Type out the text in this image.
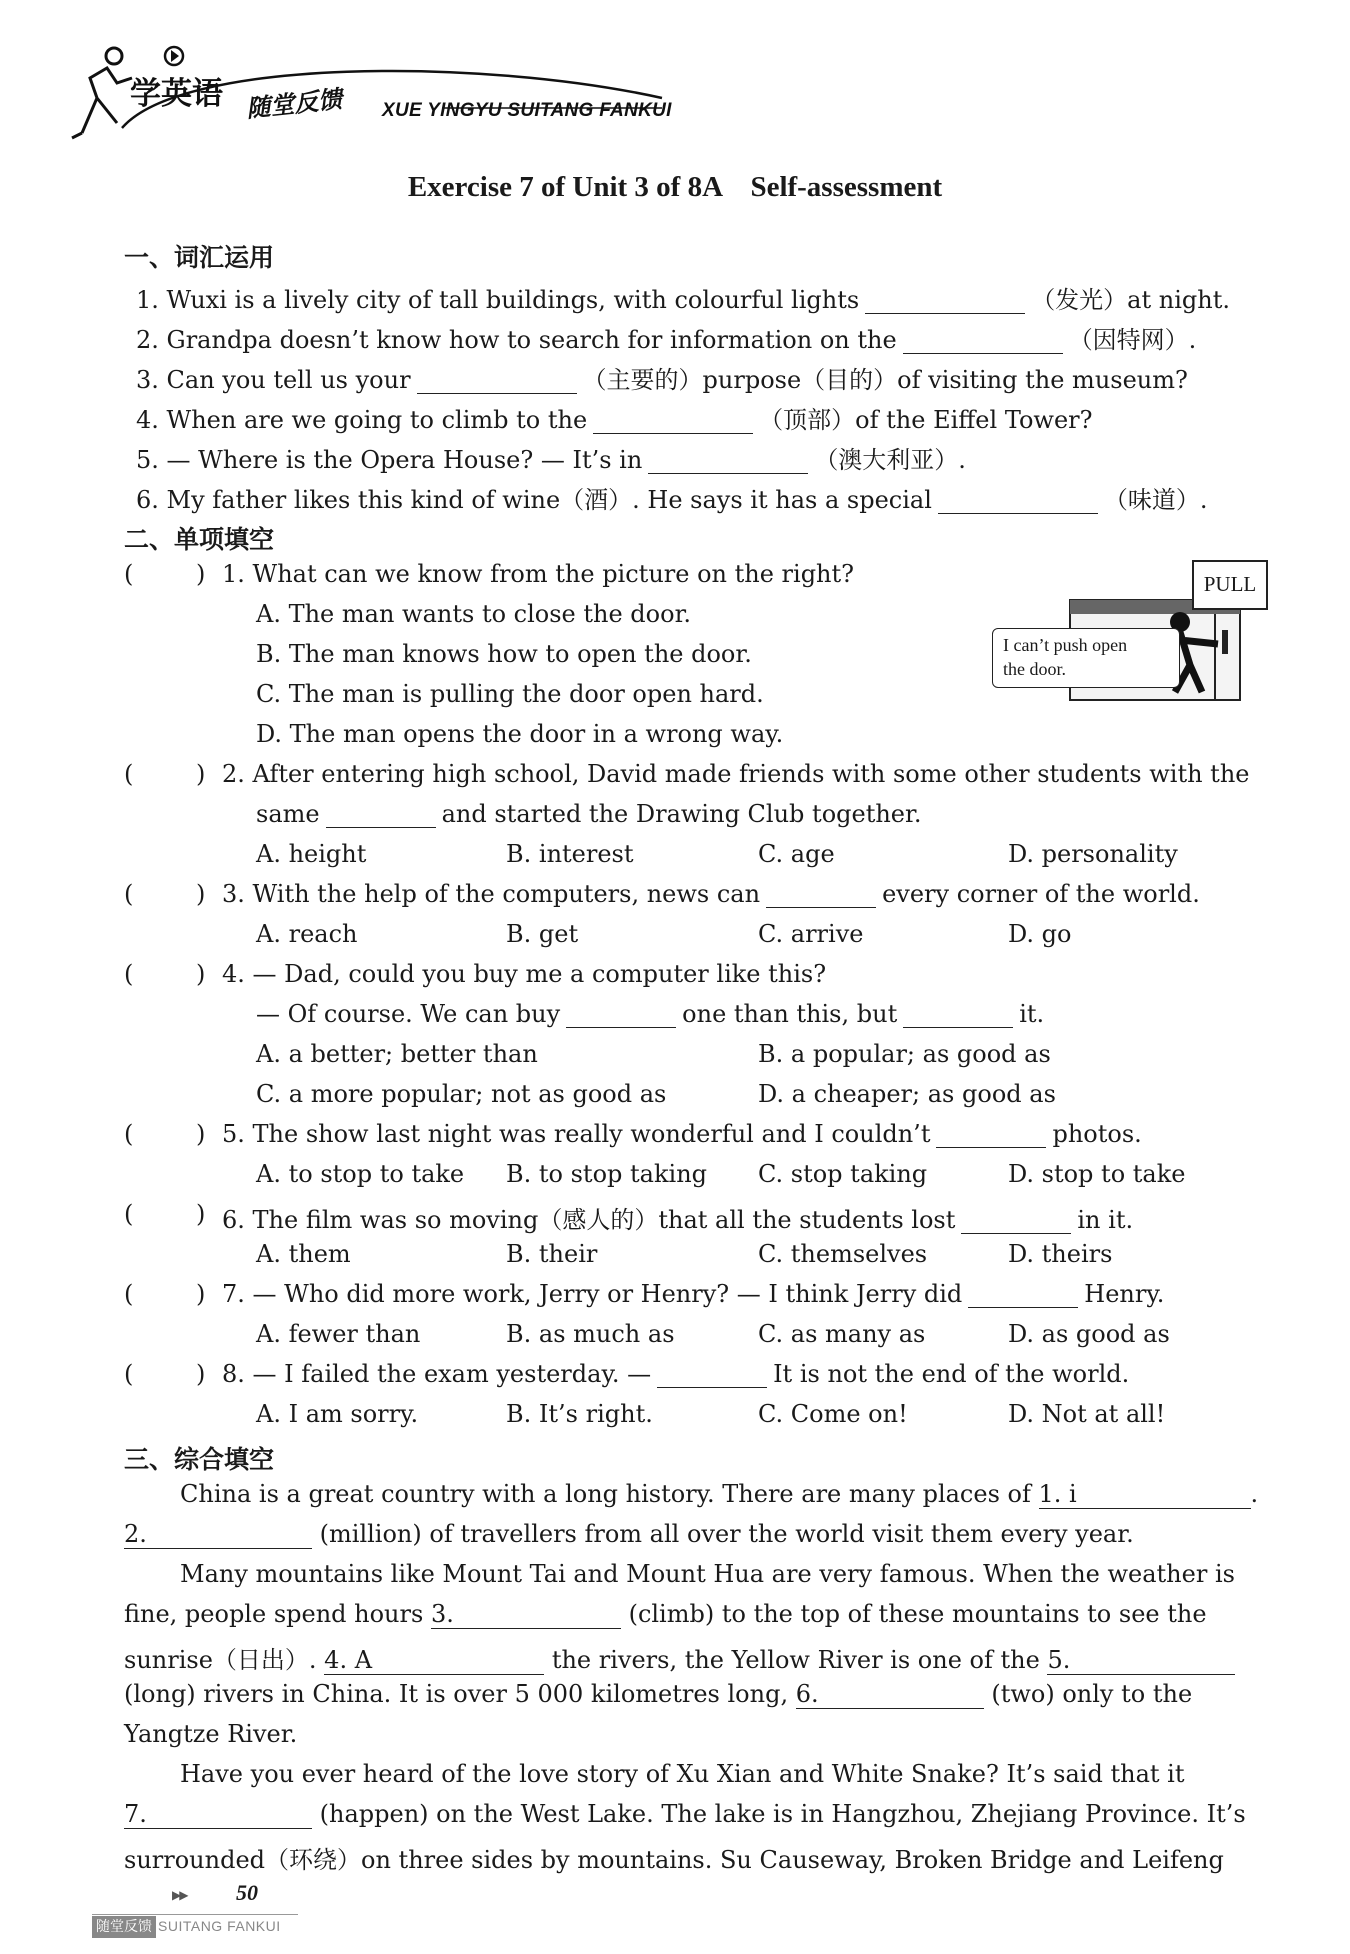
学英语 随堂反馈 XUE YINGYU SUITANG FANKUI
Exercise 7 of Unit 3 of 8A Self-assessment
一、词汇运用
1. Wuxi is a lively city of tall buildings, with colourful lights	（发光）at night.
2. Grandpa doesn’t know how to search for information on the	（因特网）.
3. Can you tell us your	（主要的）purpose（目的）of visiting the museum?
4. When are we going to climb to the	（顶部）of the Eiffel Tower?
5. — Where is the Opera House? — It’s in	（澳大利亚）.
6. My father likes this kind of wine（酒）. He says it has a special	（味道）.
二、单项填空
PULL
I can’t push open
the door.
(	) 1. What can we know from the picture on the right?
A. The man wants to close the door.
B. The man knows how to open the door.
C. The man is pulling the door open hard.
D. The man opens the door in a wrong way.
(	) 2. After entering high school, David made friends with some other students with the
same	and started the Drawing Club together.
A. height	B. interest	C. age	D. personality
(	) 3. With the help of the computers, news can	every corner of the world.
A. reach	B. get	C. arrive	D. go
(	) 4. — Dad, could you buy me a computer like this?
— Of course. We can buy	one than this, but	it.
A. a better; better than	B. a popular; as good as
C. a more popular; not as good as	D. a cheaper; as good as
(	) 5. The show last night was really wonderful and I couldn’t	photos.
A. to stop to take B. to stop taking C. stop taking	D. stop to take
(	) 6. The film was so moving（感人的）that all the students lost	in it.
A. them	B. their	C. themselves	D. theirs
(	) 7. — Who did more work, Jerry or Henry? — I think Jerry did	Henry.
A. fewer than	B. as much as	C. as many as	D. as good as
(	) 8. — I failed the exam yesterday. —	It is not the end of the world.
A. I am sorry.	B. It’s right.	C. Come on!	D. Not at all!
三、综合填空
China is a great country with a long history. There are many places of 1. i	.
2.	(million) of travellers from all over the world visit them every year.
Many mountains like Mount Tai and Mount Hua are very famous. When the weather is
fine, people spend hours 3.	(climb) to the top of these mountains to see the
sunrise（日出）. 4. A	the rivers, the Yellow River is one of the 5.
(long) rivers in China. It is over 5 000 kilometres long, 6.	(two) only to the
Yangtze River.
Have you ever heard of the love story of Xu Xian and White Snake? It’s said that it
7.	(happen) on the West Lake. The lake is in Hangzhou, Zhejiang Province. It’s
surrounded（环绕）on three sides by mountains. Su Causeway, Broken Bridge and Leifeng
▶▶ 50
随堂反馈 SUITANG FANKUI
